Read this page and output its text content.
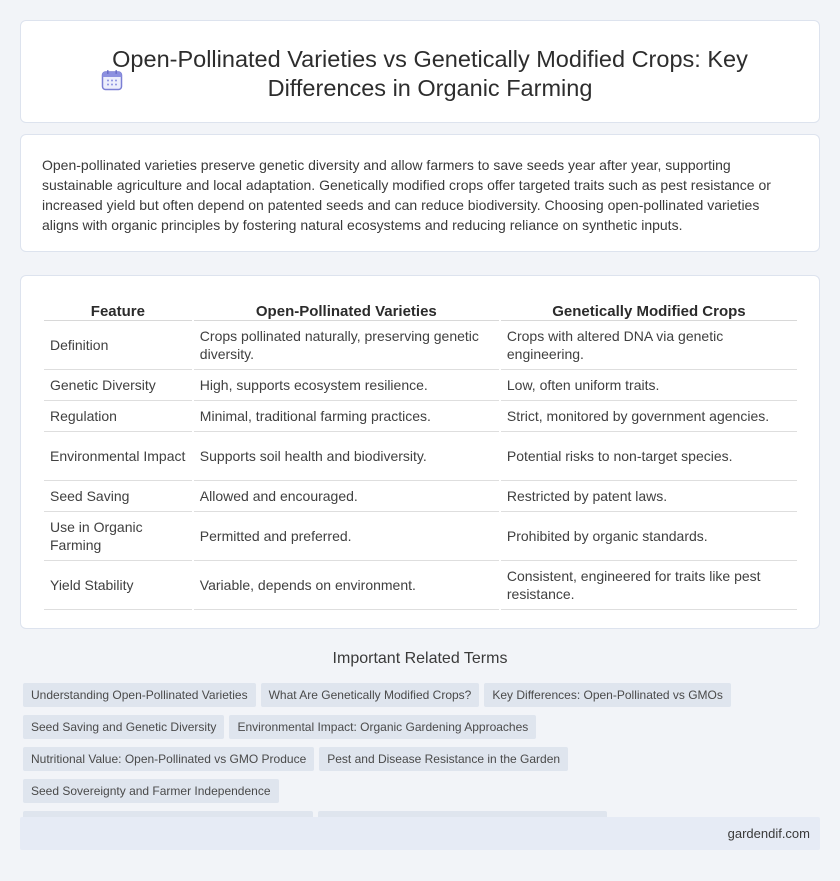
Open-Pollinated Varieties vs Genetically Modified Crops: Key Differences in Organic Farming

Open-pollinated varieties preserve genetic diversity and allow farmers to save seeds year after year, supporting sustainable agriculture and local adaptation. Genetically modified crops offer targeted traits such as pest resistance or increased yield but often depend on patented seeds and can reduce biodiversity. Choosing open-pollinated varieties aligns with organic principles by fostering natural ecosystems and reducing reliance on synthetic inputs.

Feature	Open-Pollinated Varieties	Genetically Modified Crops
Definition	Crops pollinated naturally, preserving genetic diversity.	Crops with altered DNA via genetic engineering.
Genetic Diversity	High, supports ecosystem resilience.	Low, often uniform traits.
Regulation	Minimal, traditional farming practices.	Strict, monitored by government agencies.
Environmental Impact	Supports soil health and biodiversity.	Potential risks to non-target species.
Seed Saving	Allowed and encouraged.	Restricted by patent laws.
Use in Organic Farming	Permitted and preferred.	Prohibited by organic standards.
Yield Stability	Variable, depends on environment.	Consistent, engineered for traits like pest resistance.
Important Related Terms
Understanding Open-Pollinated Varieties What Are Genetically Modified Crops? Key Differences: Open-Pollinated vs GMOs
Seed Saving and Genetic Diversity Environmental Impact: Organic Gardening Approaches
Nutritional Value: Open-Pollinated vs GMO Produce Pest and Disease Resistance in the GardenSeed Sovereignty and Farmer Independence

gardendif.com
